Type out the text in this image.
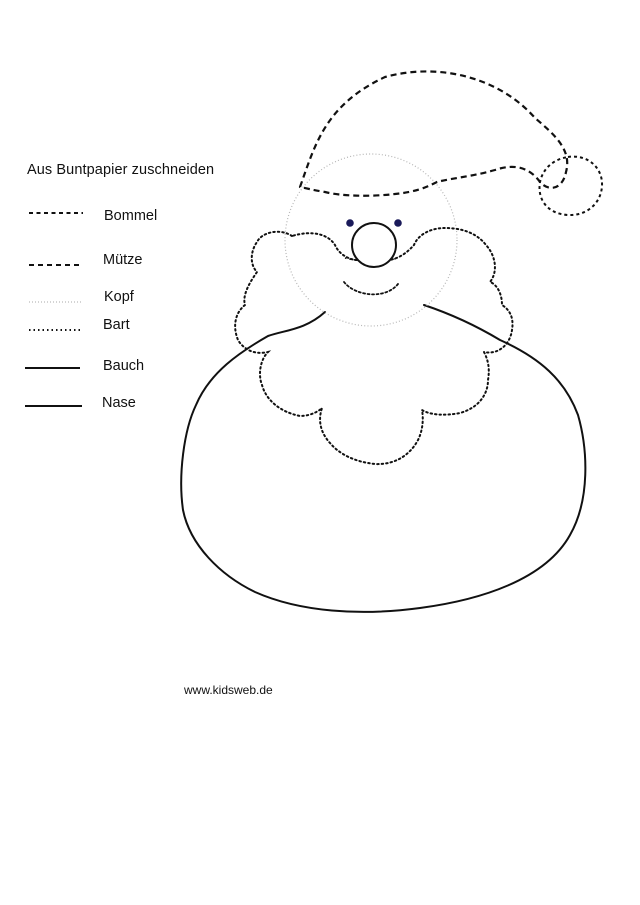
Aus Buntpapier zuschneiden
Bommel
Mütze
Kopf
Bart
Bauch
Nase
www.kidsweb.de
